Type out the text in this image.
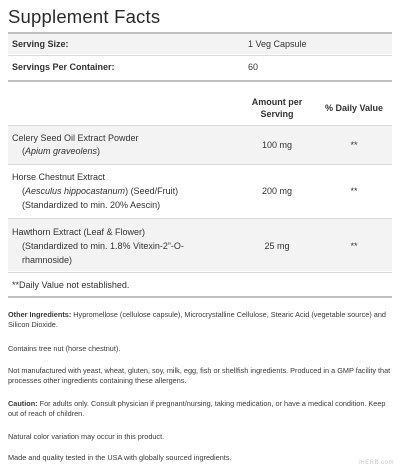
Supplement Facts
Serving Size:	1 Veg Capsule
Servings Per Container:	60
Amount per
Serving
% Daily Value
Celery Seed Oil Extract Powder
(Apium graveolens)
100 mg	**
Horse Chestnut Extract
(Aesculus hippocastanum) (Seed/Fruit)
(Standardized to min. 20% Aescin)
200 mg	**
Hawthorn Extract (Leaf & Flower)
(Standardized to min. 1.8% Vitexin-2”-O-
rhamnoside)
25 mg	**
**Daily Value not established.
Other Ingredients: Hypromellose (cellulose capsule), Microcrystalline Cellulose, Stearic Acid (vegetable source) and Silicon Dioxide.
Contains tree nut (horse chestnut).
Not manufactured with yeast, wheat, gluten, soy, milk, egg, fish or shellfish ingredients. Produced in a GMP facility that processes other ingredients containing these allergens.
Caution: For adults only. Consult physician if pregnant/nursing, taking medication, or have a medical condition. Keep out of reach of children.
Natural color variation may occur in this product.
Made and quality tested in the USA with globally sourced ingredients.
iHERB.com
